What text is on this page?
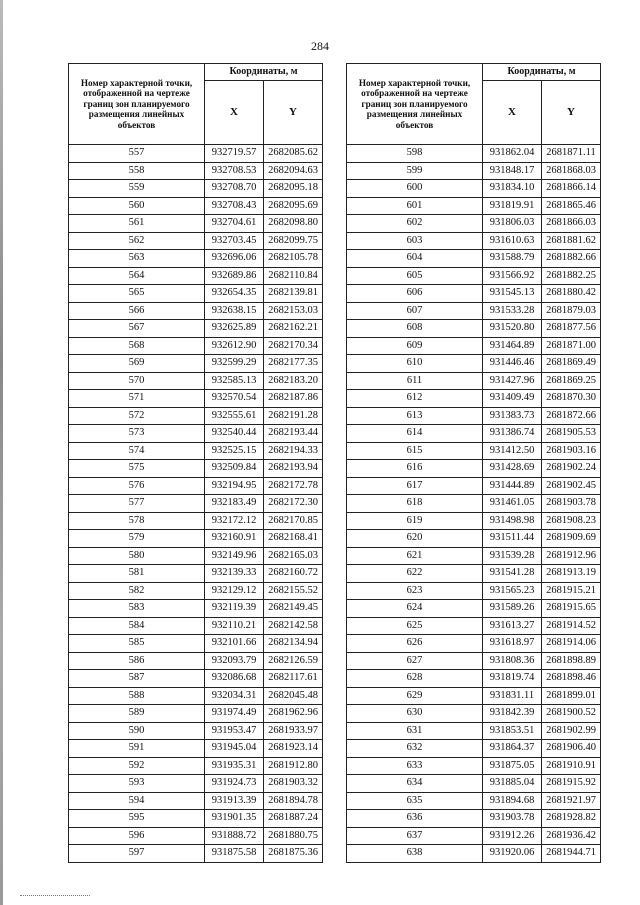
284
Номер характерной точки, отображенной на чертеже границ зон планируемого размещения линейных объектов	Координаты, м	
	X	Y
557	932719.57	2682085.62
558	932708.53	2682094.63
559	932708.70	2682095.18
560	932708.43	2682095.69
561	932704.61	2682098.80
562	932703.45	2682099.75
563	932696.06	2682105.78
564	932689.86	2682110.84
565	932654.35	2682139.81
566	932638.15	2682153.03
567	932625.89	2682162.21
568	932612.90	2682170.34
569	932599.29	2682177.35
570	932585.13	2682183.20
571	932570.54	2682187.86
572	932555.61	2682191.28
573	932540.44	2682193.44
574	932525.15	2682194.33
575	932509.84	2682193.94
576	932194.95	2682172.78
577	932183.49	2682172.30
578	932172.12	2682170.85
579	932160.91	2682168.41
580	932149.96	2682165.03
581	932139.33	2682160.72
582	932129.12	2682155.52
583	932119.39	2682149.45
584	932110.21	2682142.58
585	932101.66	2682134.94
586	932093.79	2682126.59
587	932086.68	2682117.61
588	932034.31	2682045.48
589	931974.49	2681962.96
590	931953.47	2681933.97
591	931945.04	2681923.14
592	931935.31	2681912.80
593	931924.73	2681903.32
594	931913.39	2681894.78
595	931901.35	2681887.24
596	931888.72	2681880.75
597	931875.58	2681875.36
Номер характерной точки, отображенной на чертеже границ зон планируемого размещения линейных объектов	Координаты, м	
	X	Y
598	931862.04	2681871.11
599	931848.17	2681868.03
600	931834.10	2681866.14
601	931819.91	2681865.46
602	931806.03	2681866.03
603	931610.63	2681881.62
604	931588.79	2681882.66
605	931566.92	2681882.25
606	931545.13	2681880.42
607	931533.28	2681879.03
608	931520.80	2681877.56
609	931464.89	2681871.00
610	931446.46	2681869.49
611	931427.96	2681869.25
612	931409.49	2681870.30
613	931383.73	2681872.66
614	931386.74	2681905.53
615	931412.50	2681903.16
616	931428.69	2681902.24
617	931444.89	2681902.45
618	931461.05	2681903.78
619	931498.98	2681908.23
620	931511.44	2681909.69
621	931539.28	2681912.96
622	931541.28	2681913.19
623	931565.23	2681915.21
624	931589.26	2681915.65
625	931613.27	2681914.52
626	931618.97	2681914.06
627	931808.36	2681898.89
628	931819.74	2681898.46
629	931831.11	2681899.01
630	931842.39	2681900.52
631	931853.51	2681902.99
632	931864.37	2681906.40
633	931875.05	2681910.91
634	931885.04	2681915.92
635	931894.68	2681921.97
636	931903.78	2681928.82
637	931912.26	2681936.42
638	931920.06	2681944.71
